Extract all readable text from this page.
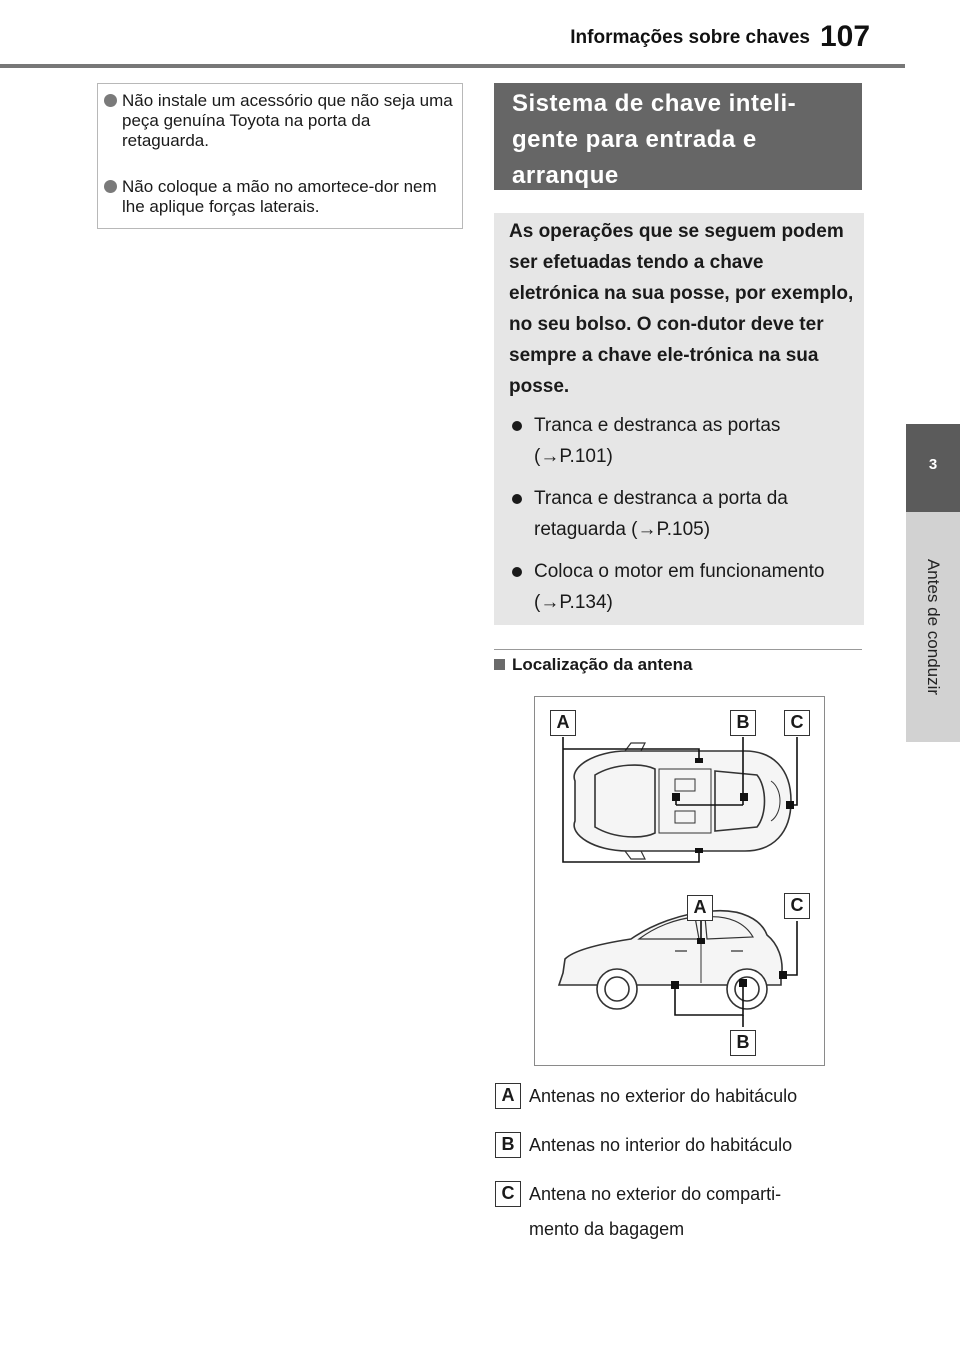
Informações sobre chaves 107
3
Antes de conduzir
Não instale um acessório que não seja uma peça genuína Toyota na porta da retaguarda.
Não coloque a mão no amortece-dor nem lhe aplique forças laterais.
Sistema de chave inteli-
gente para entrada e
arranque
As operações que se seguem podem ser efetuadas tendo a chave eletrónica na sua posse, por exemplo, no seu bolso. O con-dutor deve ter sempre a chave ele-trónica na sua posse.
Tranca e destranca as portas
(→P.101)
Tranca e destranca a porta da
retaguarda (→P.105)
Coloca o motor em funcionamento
(→P.134)
Localização da antena
A	B	C
A	C
B
A Antenas no exterior do habitáculo
B Antenas no interior do habitáculo
C Antena no exterior do comparti-
mento da bagagem
